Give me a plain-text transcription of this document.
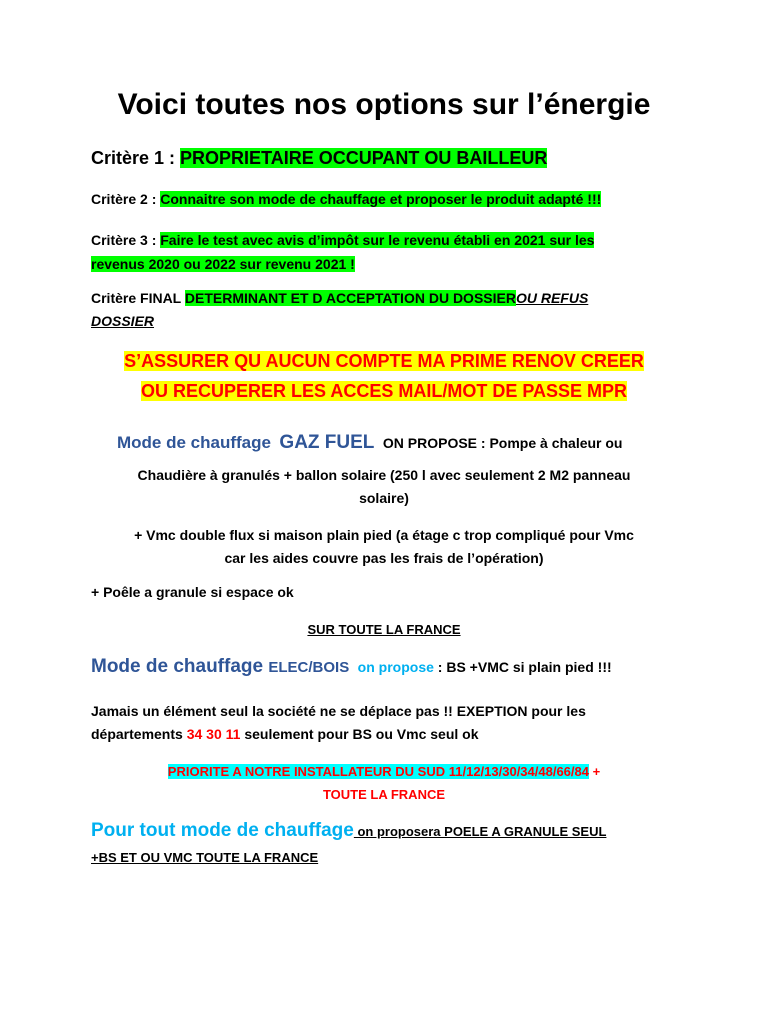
Voici toutes nos options sur l’énergie
Critère 1 : PROPRIETAIRE OCCUPANT OU BAILLEUR
Critère 2 : Connaitre son mode de chauffage et proposer le produit adapté !!!
Critère 3 : Faire le test avec avis d’impôt sur le revenu établi en 2021 sur les
revenus 2020 ou 2022 sur revenu 2021 !
Critère FINAL DETERMINANT ET D ACCEPTATION DU DOSSIEROU REFUS
DOSSIER
S’ASSURER QU AUCUN COMPTE MA PRIME RENOV CREER
OU RECUPERER LES ACCES MAIL/MOT DE PASSE MPR
Mode de chauffage GAZ FUEL ON PROPOSE : Pompe à chaleur ou
Chaudière à granulés + ballon solaire (250 l avec seulement 2 M2 panneau
solaire)
+ Vmc double flux si maison plain pied (a étage c trop compliqué pour Vmc
car les aides couvre pas les frais de l’opération)
+ Poêle a granule si espace ok
SUR TOUTE LA FRANCE
Mode de chauffage ELEC/BOIS on propose : BS +VMC si plain pied !!!
Jamais un élément seul la société ne se déplace pas !! EXEPTION pour les
départements 34 30 11 seulement pour BS ou Vmc seul ok
PRIORITE A NOTRE INSTALLATEUR DU SUD 11/12/13/30/34/48/66/84 +
TOUTE LA FRANCE
Pour tout mode de chauffage on proposera POELE A GRANULE SEUL
+BS ET OU VMC TOUTE LA FRANCE
